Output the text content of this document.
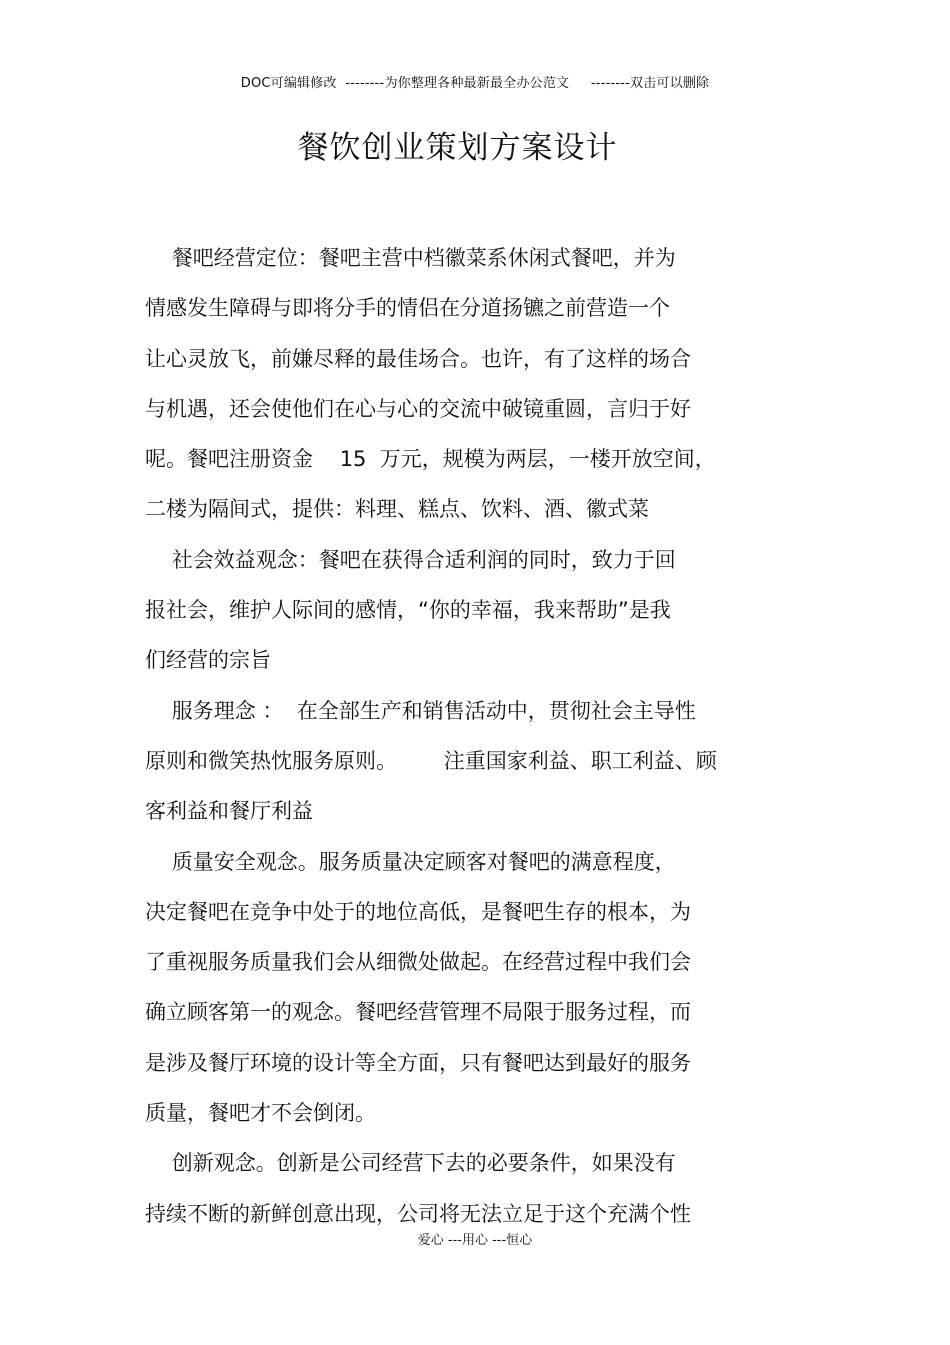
DOC可编辑修改  --------为你整理各种最新最全办公范文     --------双击可以删除
餐饮创业策划方案设计
餐吧经营定位：餐吧主营中档徽菜系休闲式餐吧，并为
情感发生障碍与即将分手的情侣在分道扬镳之前营造一个
让心灵放飞，前嫌尽释的最佳场合。也许，有了这样的场合
与机遇，还会使他们在心与心的交流中破镜重圆，言归于好
呢。餐吧注册资金    15  万元，规模为两层，一楼开放空间，
二楼为隔间式，提供：料理、糕点、饮料、酒、徽式菜
社会效益观念：餐吧在获得合适利润的同时，致力于回
报社会，维护人际间的感情，“你的幸福，我来帮助”是我
们经营的宗旨
服务理念 ：  在全部生产和销售活动中，贯彻社会主导性
原则和微笑热忱服务原则。       注重国家利益、职工利益、顾
客利益和餐厅利益
质量安全观念。服务质量决定顾客对餐吧的满意程度，
决定餐吧在竞争中处于的地位高低，是餐吧生存的根本，为
了重视服务质量我们会从细微处做起。在经营过程中我们会
确立顾客第一的观念。餐吧经营管理不局限于服务过程，而
是涉及餐厅环境的设计等全方面，只有餐吧达到最好的服务
质量，餐吧才不会倒闭。
创新观念。创新是公司经营下去的必要条件，如果没有
持续不断的新鲜创意出现，公司将无法立足于这个充满个性
爱心 ---用心 ---恒心
